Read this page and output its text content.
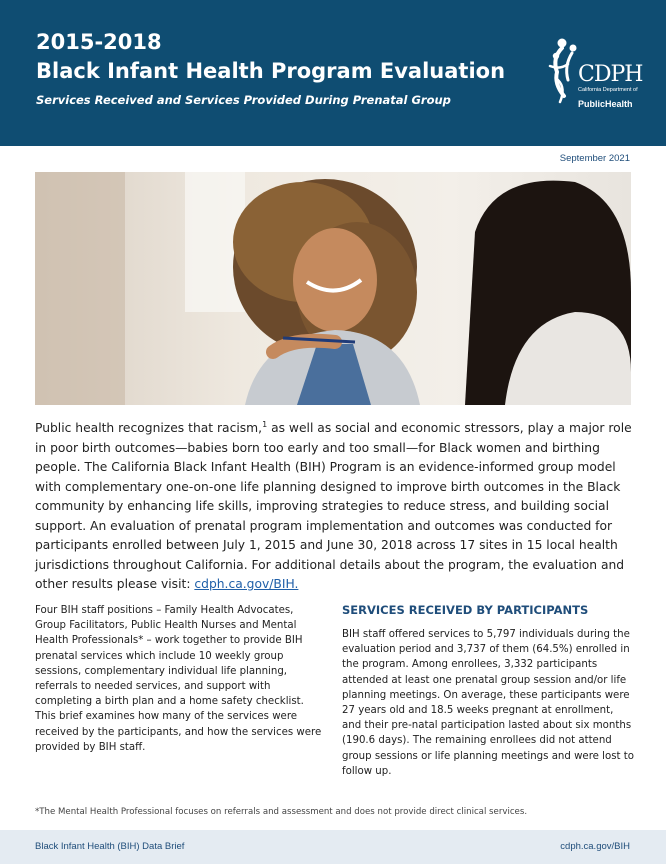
2015-2018
Black Infant Health Program Evaluation
Services Received and Services Provided During Prenatal Group
CDPH
California Department of
PublicHealth
September 2021

Public health recognizes that racism,$^1$ as well as social and economic stressors, play a major role in poor birth outcomes—babies born too early and too small—for Black women and birthing people. The California Black Infant Health (BIH) Program is an evidence-informed group model with complementary one-on-one life planning designed to improve birth outcomes in the Black community by enhancing life skills, improving strategies to reduce stress, and building social support. An evaluation of prenatal program implementation and outcomes was conducted for participants enrolled between July 1, 2015 and June 30, 2018 across 17 sites in 15 local health jurisdictions throughout California. For additional details about the program, the evaluation and other results please visit: cdph.ca.gov/BIH.

Four BIH staff positions – Family Health Advocates, Group Facilitators, Public Health Nurses and Mental Health Professionals* – work together to provide BIH prenatal services which include 10 weekly group sessions, complementary individual life planning, referrals to needed services, and support with completing a birth plan and a home safety checklist. This brief examines how many of the services were received by the participants, and how the services were provided by BIH staff.

SERVICES RECEIVED BY PARTICIPANTS

BIH staff offered services to 5,797 individuals during the evaluation period and 3,737 of them (64.5%) enrolled in the program. Among enrollees, 3,332 participants attended at least one prenatal group session and/or life planning meetings. On average, these participants were 27 years old and 18.5 weeks pregnant at enrollment, and their pre-natal participation lasted about six months (190.6 days). The remaining enrollees did not attend group sessions or life planning meetings and were lost to follow up.

*The Mental Health Professional focuses on referrals and assessment and does not provide direct clinical services.
Black Infant Health (BIH) Data Brief	cdph.ca.gov/BIH
